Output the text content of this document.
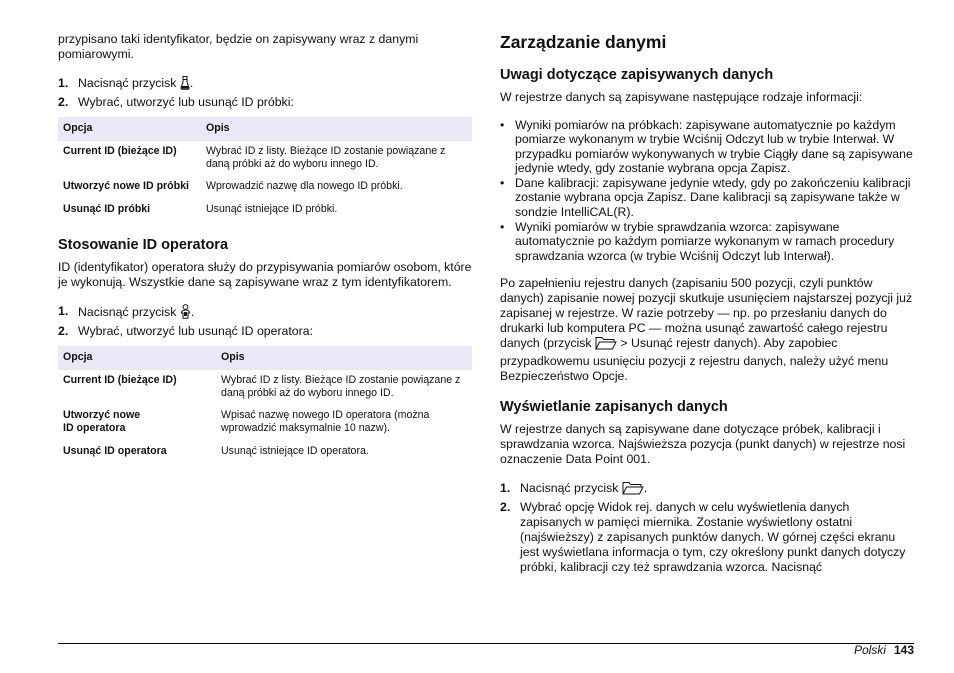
przypisano taki identyfikator, będzie on zapisywany wraz z danymi pomiarowymi.

1. Nacisnąć przycisk .
2. Wybrać, utworzyć lub usunąć ID próbki:
Opcja	Opis
Current ID (bieżące ID)	Wybrać ID z listy. Bieżące ID zostanie powiązane z daną próbki aż do wyboru innego ID.
Utworzyć nowe ID próbki	Wprowadzić nazwę dla nowego ID próbki.
Usunąć ID próbki	Usunąć istniejące ID próbki.
Stosowanie ID operatora

ID (identyfikator) operatora służy do przypisywania pomiarów osobom, które je wykonują. Wszystkie dane są zapisywane wraz z tym identyfikatorem.

1. Nacisnąć przycisk .
2. Wybrać, utworzyć lub usunąć ID operatora:
Opcja	Opis
Current ID (bieżące ID)	Wybrać ID z listy. Bieżące ID zostanie powiązane z daną próbki aż do wyboru innego ID.
Utworzyć nowe
ID operatora	Wpisać nazwę nowego ID operatora (można wprowadzić maksymalnie 10 nazw).
Usunąć ID operatora	Usunąć istniejące ID operatora.
Zarządzanie danymi
Uwagi dotyczące zapisywanych danych

W rejestrze danych są zapisywane następujące rodzaje informacji:

• Wyniki pomiarów na próbkach: zapisywane automatycznie po każdym pomiarze wykonanym w trybie Wciśnij Odczyt lub w trybie Interwał. W przypadku pomiarów wykonywanych w trybie Ciągły dane są zapisywane jedynie wtedy, gdy zostanie wybrana opcja Zapisz.
• Dane kalibracji: zapisywane jedynie wtedy, gdy po zakończeniu kalibracji zostanie wybrana opcja Zapisz. Dane kalibracji są zapisywane także w sondzie IntelliCAL(R).
• Wyniki pomiarów w trybie sprawdzania wzorca: zapisywane automatycznie po każdym pomiarze wykonanym w ramach procedury sprawdzania wzorca (w trybie Wciśnij Odczyt lub Interwał).

Po zapełnieniu rejestru danych (zapisaniu 500 pozycji, czyli punktów danych) zapisanie nowej pozycji skutkuje usunięciem najstarszej pozycji już zapisanej w rejestrze. W razie potrzeby — np. po przesłaniu danych do drukarki lub komputera PC — można usunąć zawartość całego rejestru danych (przycisk  > Usunąć rejestr danych). Aby zapobiec przypadkowemu usunięciu pozycji z rejestru danych, należy użyć menu Bezpieczeństwo Opcje.

Wyświetlanie zapisanych danych

W rejestrze danych są zapisywane dane dotyczące próbek, kalibracji i sprawdzania wzorca. Najświeższa pozycja (punkt danych) w rejestrze nosi oznaczenie Data Point 001.

1. Nacisnąć przycisk .
2. Wybrać opcję Widok rej. danych w celu wyświetlenia danych zapisanych w pamięci miernika. Zostanie wyświetlony ostatni (najświeższy) z zapisanych punktów danych. W górnej części ekranu jest wyświetlana informacja o tym, czy określony punkt danych dotyczy próbki, kalibracji czy też sprawdzania wzorca. Nacisnąć
Polski 143
